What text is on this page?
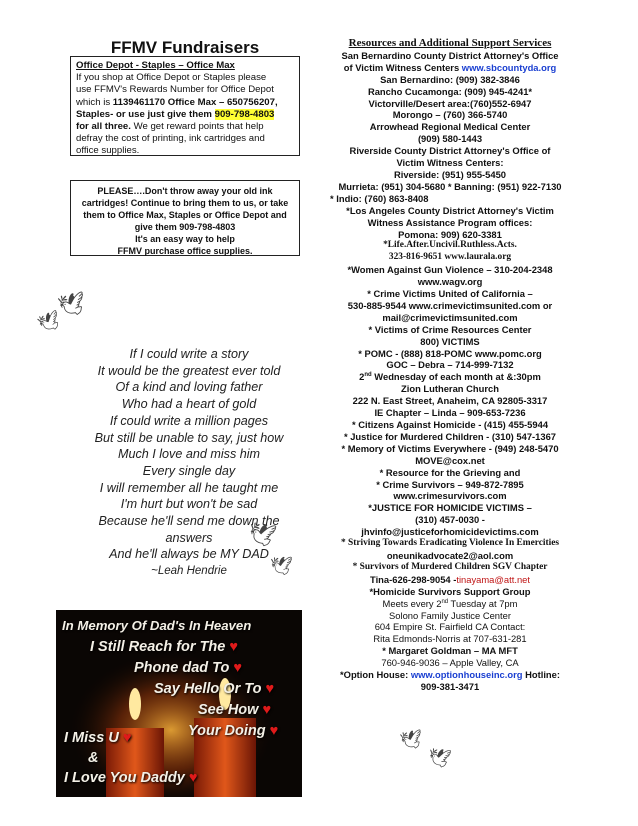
FFMV Fundraisers
Office Depot - Staples – Office Max
If you shop at Office Depot or Staples please
use FFMV's Rewards Number for Office Depot
which is 1139461170 Office Max – 650756207,
Staples- or use just give them 909-798-4803
for all three. We get reward points that help
defray the cost of printing, ink cartridges and
office supplies.
PLEASE….Don't throw away your old ink
cartridges! Continue to bring them to us, or take
them to Office Max, Staples or Office Depot and
give them 909-798-4803
It's an easy way to help
FFMV purchase office supplies.
🕊
🕊
🕊
🕊
🕊
🕊
If I could write a story
It would be the greatest ever told
Of a kind and loving father
Who had a heart of gold
If could write a million pages
But still be unable to say, just how
Much I love and miss him
Every single day
I will remember all he taught me
I'm hurt but won't be sad
Because he'll send me down the
answers
And he'll always be MY DAD
~Leah Hendrie
In Memory Of Dad's In Heaven
I Still Reach for The ♥
Phone dad To ♥
Say Hello Or To ♥
See How ♥
Your Doing ♥
I Miss U ♥
&
I Love You Daddy ♥
Resources and Additional Support Services
San Bernardino County District Attorney's Office
of Victim Witness Centers www.sbcountyda.org
San Bernardino: (909) 382-3846
Rancho Cucamonga: (909) 945-4241*
Victorville/Desert area:(760)552-6947
Morongo – (760) 366-5740
Arrowhead Regional Medical Center
(909) 580-1443
Riverside County District Attorney's Office of
Victim Witness Centers:
Riverside: (951) 955-5450
Murrieta: (951) 304-5680 * Banning: (951) 922-7130
* Indio: (760) 863-8408
*Los Angeles County District Attorney's Victim
Witness Assistance Program offices:
Pomona: 909) 620-3381
*Life.After.Uncivil.Ruthless.Acts.
323-816-9651 www.laurala.org
*Women Against Gun Violence – 310-204-2348
www.wagv.org
* Crime Victims United of California –
530-885-9544 www.crimevictimsunited.com or
mail@crimevictimsunited.com
* Victims of Crime Resources Center
800) VICTIMS
* POMC - (888) 818-POMC www.pomc.org
GOC – Debra – 714-999-7132
2nd Wednesday of each month at &:30pm
Zion Lutheran Church
222 N. East Street, Anaheim, CA 92805-3317
IE Chapter – Linda – 909-653-7236
* Citizens Against Homicide - (415) 455-5944
* Justice for Murdered Children - (310) 547-1367
* Memory of Victims Everywhere - (949) 248-5470
MOVE@cox.net
* Resource for the Grieving and
* Crime Survivors – 949-872-7895
www.crimesurvivors.com
*JUSTICE FOR HOMICIDE VICTIMS –
(310) 457-0030 -
jhvinfo@justiceforhomicidevictims.com
* Striving Towards Eradicating Violence In Emercities
oneunikadvocate2@aol.com
* Survivors of Murdered Children SGV Chapter
Tina-626-298-9054 -tinayama@att.net
*Homicide Survivors Support Group
Meets every 2nd Tuesday at 7pm
Solono Family Justice Center
604 Empire St. Fairfield CA Contact:
Rita Edmonds-Norris at 707-631-281
* Margaret Goldman – MA MFT
760-946-9036 – Apple Valley, CA
*Option House: www.optionhouseinc.org Hotline:
909-381-3471
